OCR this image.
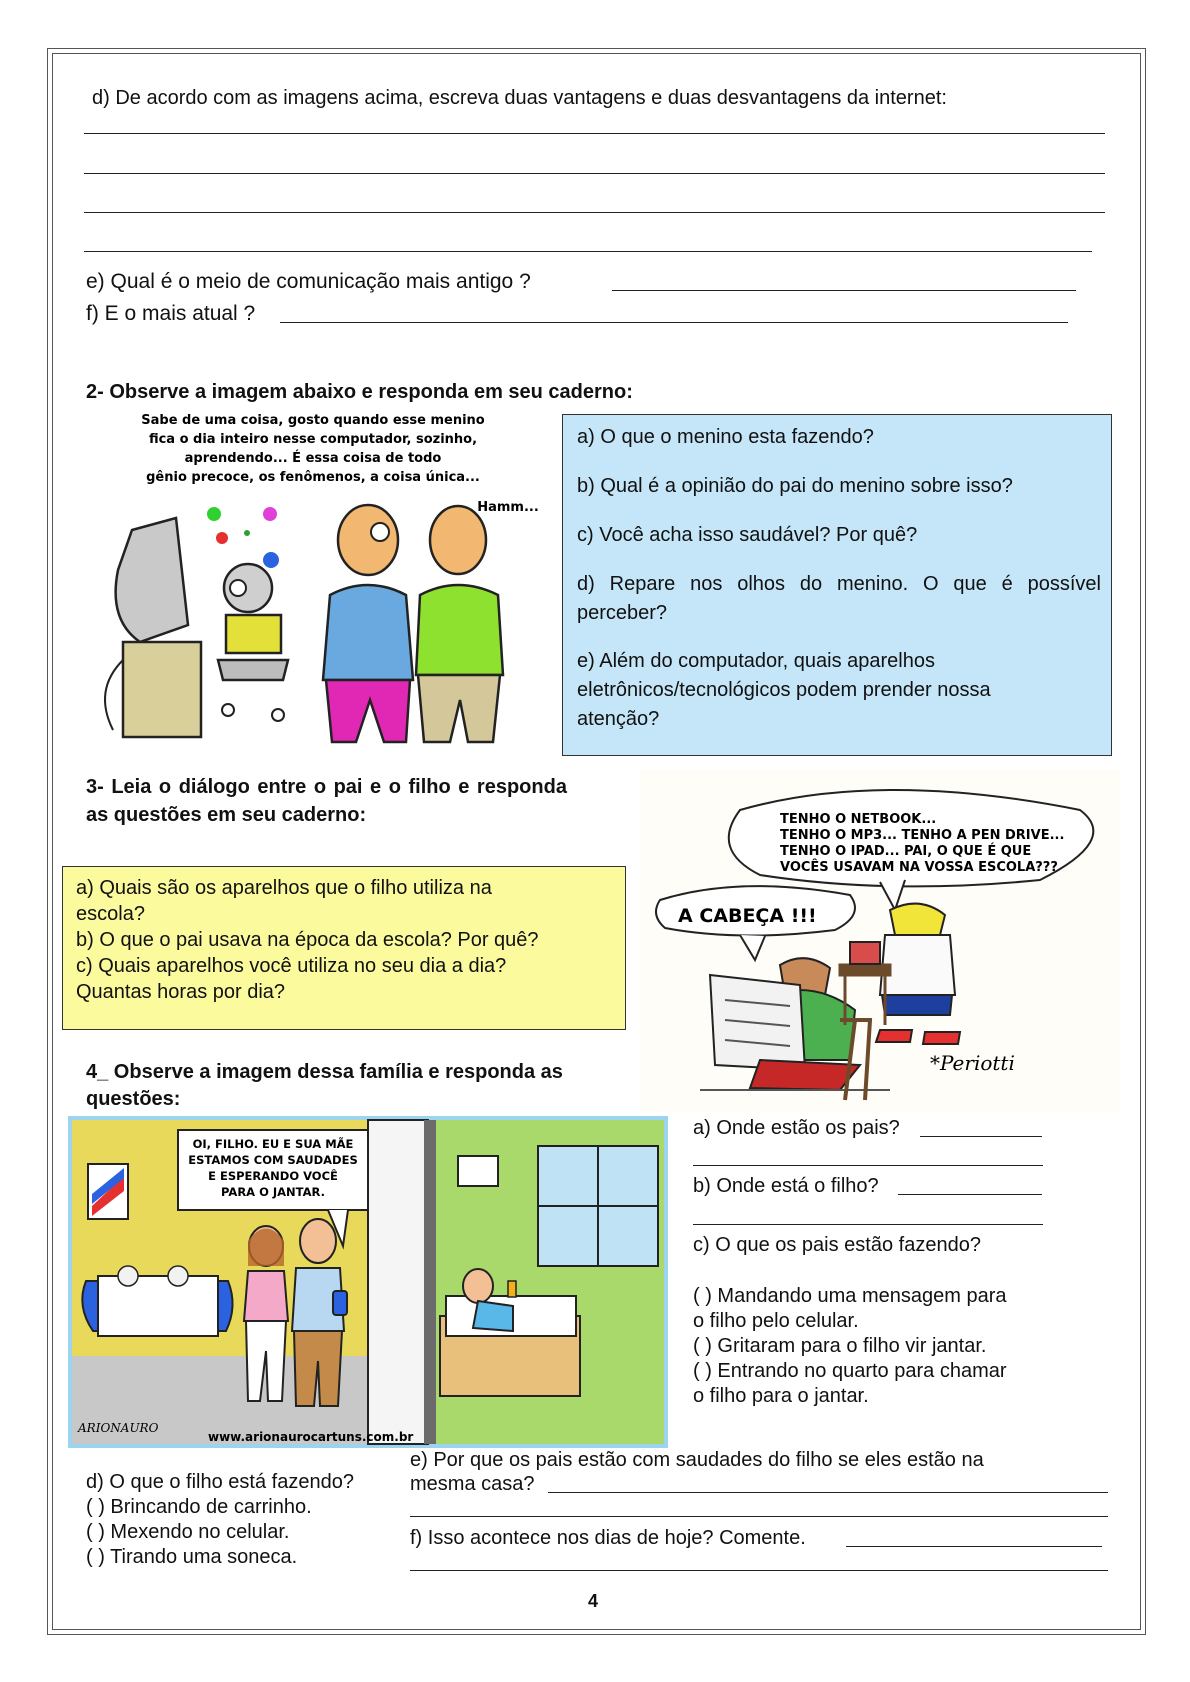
d) De acordo com as imagens acima, escreva duas vantagens e duas desvantagens da internet:
e) Qual é o meio de comunicação mais antigo ?
f) E o mais atual ?
2- Observe a imagem abaixo e responda em seu caderno:
Sabe de uma coisa, gosto quando esse menino
fica o dia inteiro nesse computador, sozinho,
aprendendo... É essa coisa de todo
gênio precoce, os fenômenos, a coisa única...
Hamm...
a) O que o menino esta fazendo?
b) Qual é a opinião do pai do menino sobre isso?
c) Você acha isso saudável? Por quê?
d) Repare nos olhos do menino. O que é possível perceber?
e) Além do computador, quais aparelhos eletrônicos/tecnológicos podem prender nossa atenção?
3- Leia o diálogo entre o pai e o filho e responda
as questões em seu caderno:
a) Quais são os aparelhos que o filho utiliza na
escola?
b) O que o pai usava na época da escola? Por quê?
c) Quais aparelhos você utiliza no seu dia a dia?
Quantas horas por dia?
TENHO O NETBOOK...
TENHO O MP3... TENHO A PEN DRIVE...
TENHO O IPAD... PAI, O QUE É QUE
VOCÊS USAVAM NA VOSSA ESCOLA???
A CABEÇA !!!
*Periotti
4_ Observe a imagem dessa família e responda as
questões:
OI, FILHO. EU E SUA MÃE
ESTAMOS COM SAUDADES
E ESPERANDO VOCÊ
PARA O JANTAR.
ARIONAURO
www.arionaurocartuns.com.br
a) Onde estão os pais?
b) Onde está o filho?
c) O que os pais estão fazendo?
( ) Mandando uma mensagem para
o filho pelo celular.
( ) Gritaram para o filho vir jantar.
( ) Entrando no quarto para chamar
o filho para o jantar.
e) Por que os pais estão com saudades do filho se eles estão na
mesma casa?
f) Isso acontece nos dias de hoje? Comente.
d) O que o filho está fazendo?
( ) Brincando de carrinho.
( ) Mexendo no celular.
( ) Tirando uma soneca.
4
